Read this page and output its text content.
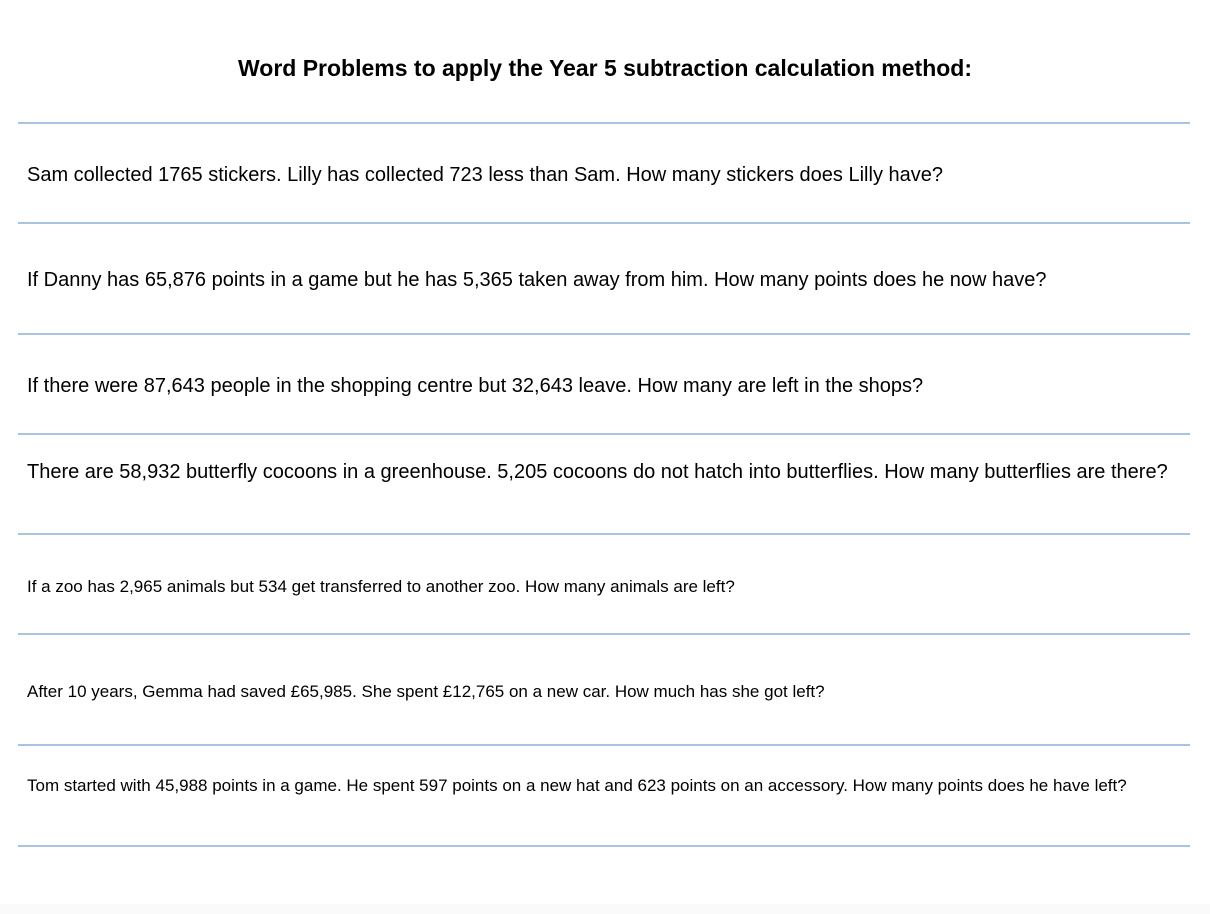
Word Problems to apply the Year 5 subtraction calculation method:
Sam collected 1765 stickers. Lilly has collected 723 less than Sam. How many stickers does Lilly have?
If Danny has 65,876 points in a game but he has 5,365 taken away from him. How many points does he now have?
If there were 87,643 people in the shopping centre but 32,643 leave. How many are left in the shops?
There are 58,932 butterfly cocoons in a greenhouse. 5,205 cocoons do not hatch into butterflies. How many butterflies are there?
If a zoo has 2,965 animals but 534 get transferred to another zoo. How many animals are left?
After 10 years, Gemma had saved £65,985. She spent £12,765 on a new car. How much has she got left?
Tom started with 45,988 points in a game. He spent 597 points on a new hat and 623 points on an accessory. How many points does he have left?
